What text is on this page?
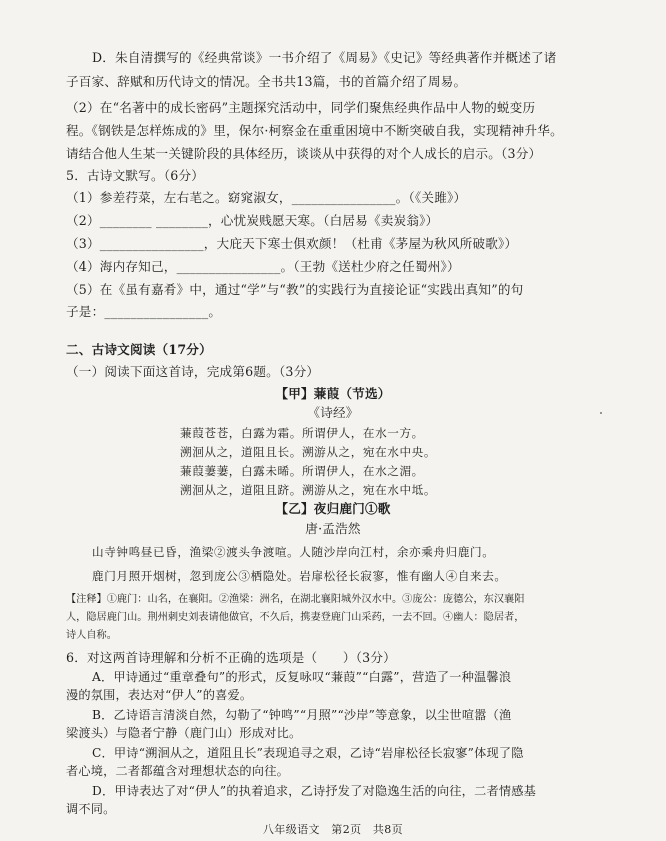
D．朱自清撰写的《经典常谈》一书介绍了《周易》《史记》等经典著作并概述了诸
子百家、辞赋和历代诗文的情况。全书共13篇，书的首篇介绍了周易。
（2）在“名著中的成长密码”主题探究活动中，同学们聚焦经典作品中人物的蜕变历
程。《钢铁是怎样炼成的》里，保尔·柯察金在重重困境中不断突破自我，实现精神升华。
请结合他人生某一关键阶段的具体经历，谈谈从中获得的对个人成长的启示。（3分）
5．古诗文默写。（6分）
（1）参差荇菜，左右芼之。窈窕淑女，________________。（《关雎》）
（2）________ ________，心忧炭贱愿天寒。（白居易《卖炭翁》）
（3）________________，大庇天下寒士俱欢颜！（杜甫《茅屋为秋风所破歌》）
（4）海内存知己，________________。（王勃《送杜少府之任蜀州》）
（5）在《虽有嘉肴》中，通过“学”与“教”的实践行为直接论证“实践出真知”的句
子是：________________。
二、古诗文阅读（17分）
（一）阅读下面这首诗，完成第6题。（3分）
【甲】蒹葭（节选）
《诗经》
蒹葭苍苍，白露为霜。所谓伊人，在水一方。
溯洄从之，道阻且长。溯游从之，宛在水中央。
蒹葭萋萋，白露未晞。所谓伊人，在水之湄。
溯洄从之，道阻且跻。溯游从之，宛在水中坻。
【乙】夜归鹿门①歌
唐·孟浩然
山寺钟鸣昼已昏，渔梁②渡头争渡喧。人随沙岸向江村，余亦乘舟归鹿门。
鹿门月照开烟树，忽到庞公③栖隐处。岩扉松径长寂寥，惟有幽人④自来去。
【注释】①鹿门：山名，在襄阳。②渔梁：洲名，在湖北襄阳城外汉水中。③庞公：庞德公，东汉襄阳
人，隐居鹿门山。荆州刺史刘表请他做官，不久后，携妻登鹿门山采药，一去不回。④幽人：隐居者，
诗人自称。
6．对这两首诗理解和分析不正确的选项是（　　）（3分）
A．甲诗通过“重章叠句”的形式，反复咏叹“蒹葭”“白露”，营造了一种温馨浪
漫的氛围，表达对“伊人”的喜爱。
B．乙诗语言清淡自然，勾勒了“钟鸣”“月照”“沙岸”等意象，以尘世喧嚣（渔
梁渡头）与隐者宁静（鹿门山）形成对比。
C．甲诗“溯洄从之，道阻且长”表现追寻之艰，乙诗“岩扉松径长寂寥”体现了隐
者心境，二者都蕴含对理想状态的向往。
D．甲诗表达了对“伊人”的执着追求，乙诗抒发了对隐逸生活的向往，二者情感基
调不同。
八年级语文　第2页　共8页
